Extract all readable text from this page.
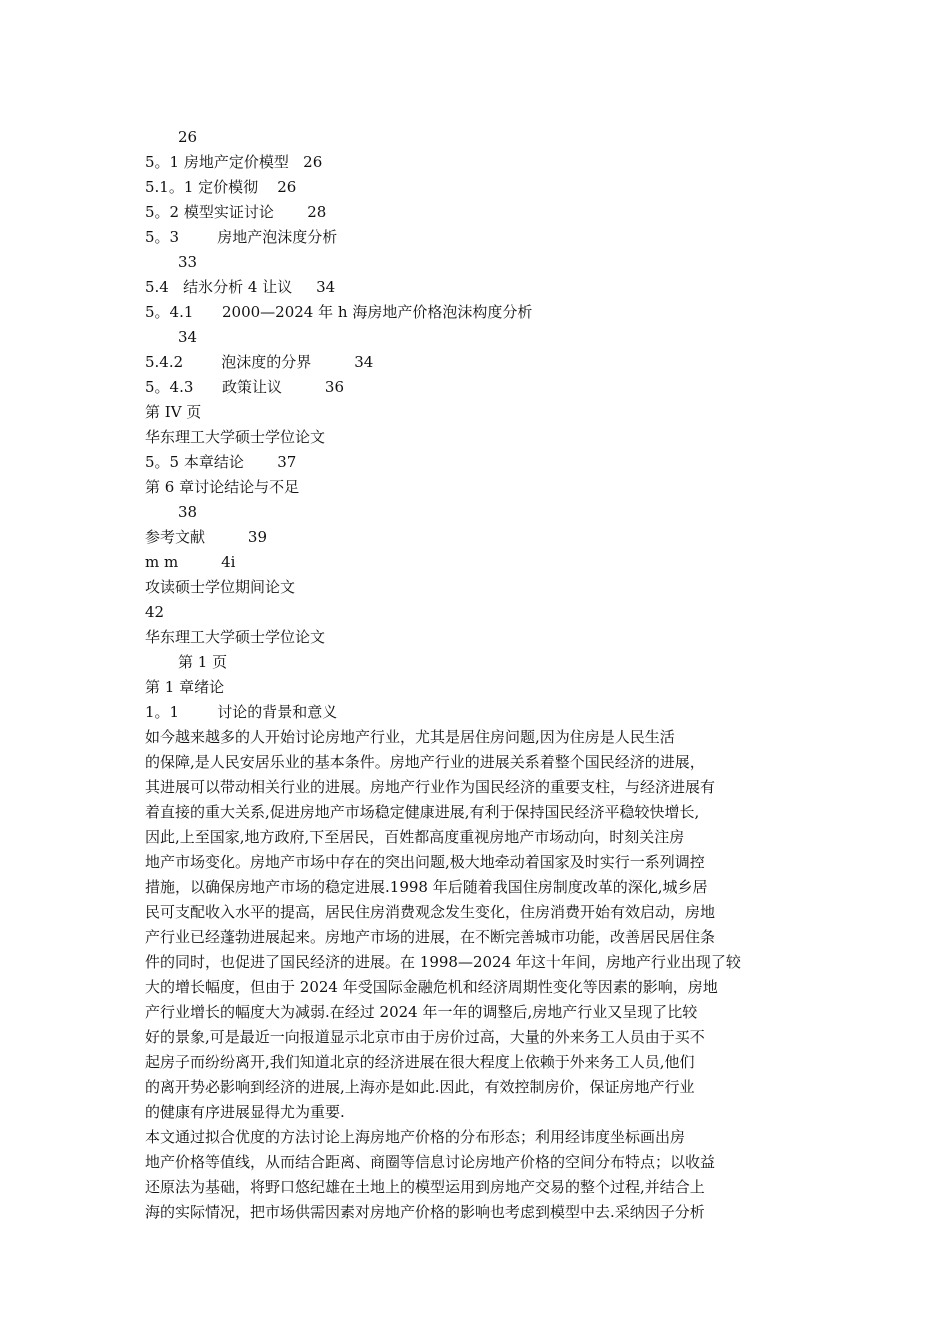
26
5。1 房地产定价模型   26
5.1。1 定价模彻    26
5。2 模型实证讨论       28
5。3        房地产泡沫度分析
33
5.4   结氷分析 4 让议     34
5。4.1      2000—2024 年 h 海房地产价格泡沫构度分析
34
5.4.2        泡沫度的分界         34
5。4.3      政策让议         36
第 IV 页
华东理工大学硕士学位论文
5。5 本章结论       37
第 6 章讨论结论与不足
38
参考文献         39
m m         4i
攻读硕士学位期间论文
42
华东理工大学硕士学位论文
第 1 页
第 1 章绪论
1。1        讨论的背景和意义
如今越来越多的人开始讨论房地产行业，尤其是居住房问题,因为住房是人民生活
的保障,是人民安居乐业的基本条件。房地产行业的进展关系着整个国民经济的进展，
其进展可以带动相关行业的进展。房地产行业作为国民经济的重要支柱，与经济进展有
着直接的重大关系,促进房地产市场稳定健康进展,有利于保持国民经济平稳较快增长,
因此,上至国家,地方政府,下至居民，百姓都高度重视房地产市场动向，时刻关注房
地产市场变化。房地产市场中存在的突出问题,极大地牵动着国家及时实行一系列调控
措施，以确保房地产市场的稳定进展.1998 年后随着我国住房制度改革的深化,城乡居
民可支配收入水平的提高，居民住房消费观念发生变化，住房消费开始有效启动，房地
产行业已经蓬勃进展起来。房地产市场的进展，在不断完善城市功能，改善居民居住条
件的同时，也促进了国民经济的进展。在 1998—2024 年这十年间，房地产行业出现了较
大的增长幅度，但由于 2024 年受国际金融危机和经济周期性变化等因素的影响，房地
产行业增长的幅度大为减弱.在经过 2024 年一年的调整后,房地产行业又呈现了比较
好的景象,可是最近一向报道显示北京市由于房价过高，大量的外来务工人员由于买不
起房子而纷纷离开,我们知道北京的经济进展在很大程度上依赖于外来务工人员,他们
的离开势必影响到经济的进展,上海亦是如此.因此，有效控制房价，保证房地产行业
的健康有序进展显得尤为重要.
本文通过拟合优度的方法讨论上海房地产价格的分布形态；利用经讳度坐标画出房
地产价格等值线，从而结合距离、商圈等信息讨论房地产价格的空间分布特点；以收益
还原法为基础，将野口悠纪雄在土地上的模型运用到房地产交易的整个过程,并结合上
海的实际情况，把市场供需因素对房地产价格的影响也考虑到模型中去.采纳因子分析
